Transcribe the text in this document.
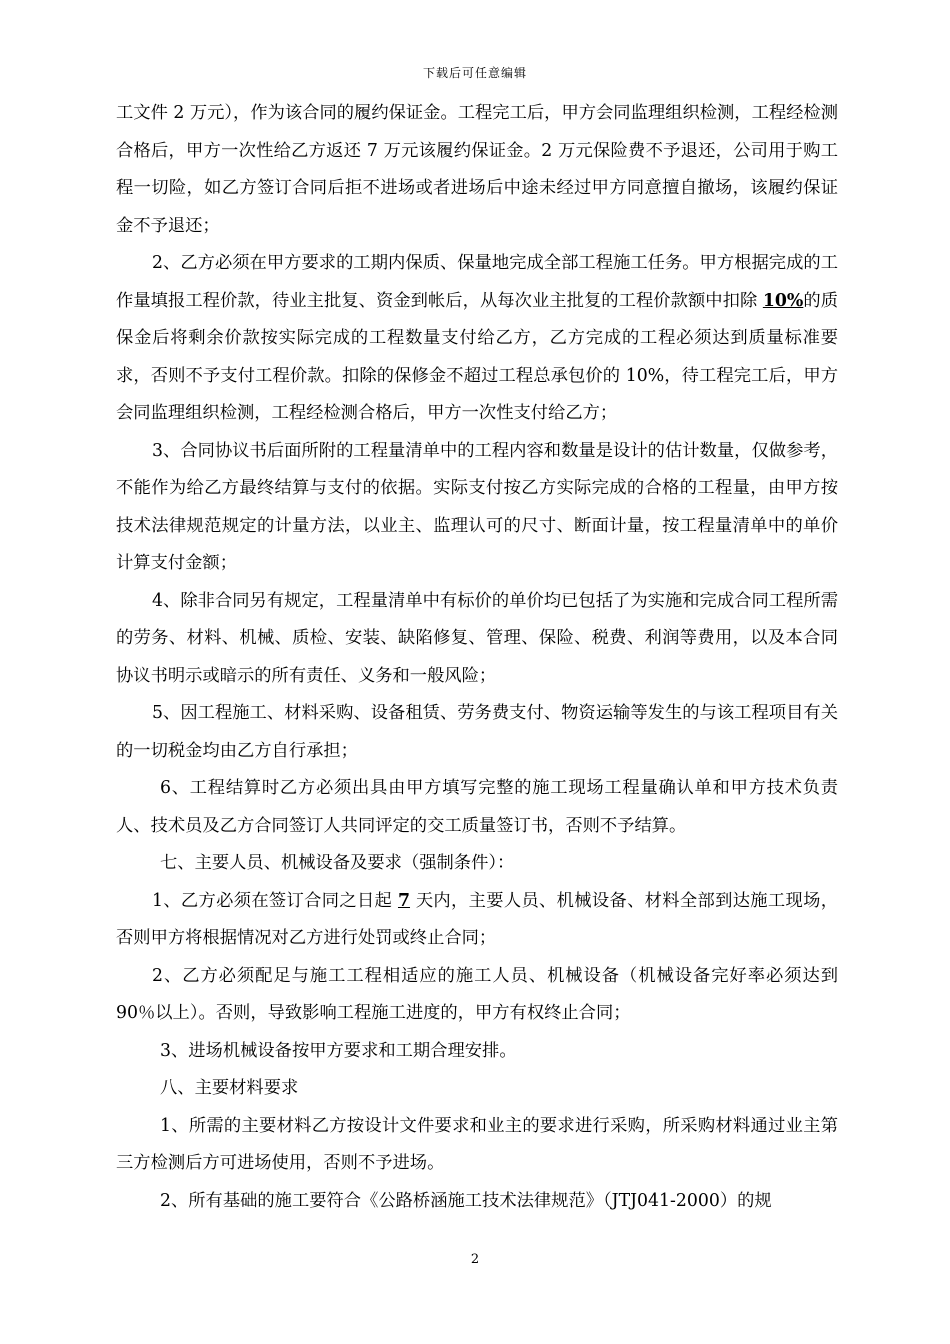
下载后可任意编辑

工文件 2 万元），作为该合同的履约保证金。工程完工后，甲方会同监理组织检测，工程经检测合格后，甲方一次性给乙方返还 7 万元该履约保证金。2 万元保险费不予退还，公司用于购工程一切险，如乙方签订合同后拒不进场或者进场后中途未经过甲方同意擅自撤场，该履约保证金不予退还；

2、乙方必须在甲方要求的工期内保质、保量地完成全部工程施工任务。甲方根据完成的工作量填报工程价款，待业主批复、资金到帐后，从每次业主批复的工程价款额中扣除 10%的质保金后将剩余价款按实际完成的工程数量支付给乙方，乙方完成的工程必须达到质量标准要求，否则不予支付工程价款。扣除的保修金不超过工程总承包价的 10%，待工程完工后，甲方会同监理组织检测，工程经检测合格后，甲方一次性支付给乙方；

3、合同协议书后面所附的工程量清单中的工程内容和数量是设计的估计数量，仅做参考，不能作为给乙方最终结算与支付的依据。实际支付按乙方实际完成的合格的工程量，由甲方按技术法律规范规定的计量方法，以业主、监理认可的尺寸、断面计量，按工程量清单中的单价计算支付金额；

4、除非合同另有规定，工程量清单中有标价的单价均已包括了为实施和完成合同工程所需的劳务、材料、机械、质检、安装、缺陷修复、管理、保险、税费、利润等费用，以及本合同协议书明示或暗示的所有责任、义务和一般风险；

5、因工程施工、材料采购、设备租赁、劳务费支付、物资运输等发生的与该工程项目有关的一切税金均由乙方自行承担；

6、工程结算时乙方必须出具由甲方填写完整的施工现场工程量确认单和甲方技术负责人、技术员及乙方合同签订人共同评定的交工质量签订书，否则不予结算。

七、主要人员、机械设备及要求（强制条件）：

1、乙方必须在签订合同之日起 7 天内，主要人员、机械设备、材料全部到达施工现场，否则甲方将根据情况对乙方进行处罚或终止合同；

2、乙方必须配足与施工工程相适应的施工人员、机械设备（机械设备完好率必须达到 90％以上）。否则，导致影响工程施工进度的，甲方有权终止合同；

3、进场机械设备按甲方要求和工期合理安排。

八、主要材料要求

1、所需的主要材料乙方按设计文件要求和业主的要求进行采购，所采购材料通过业主第三方检测后方可进场使用，否则不予进场。

2、所有基础的施工要符合《公路桥涵施工技术法律规范》（JTJ041-2000）的规

2
